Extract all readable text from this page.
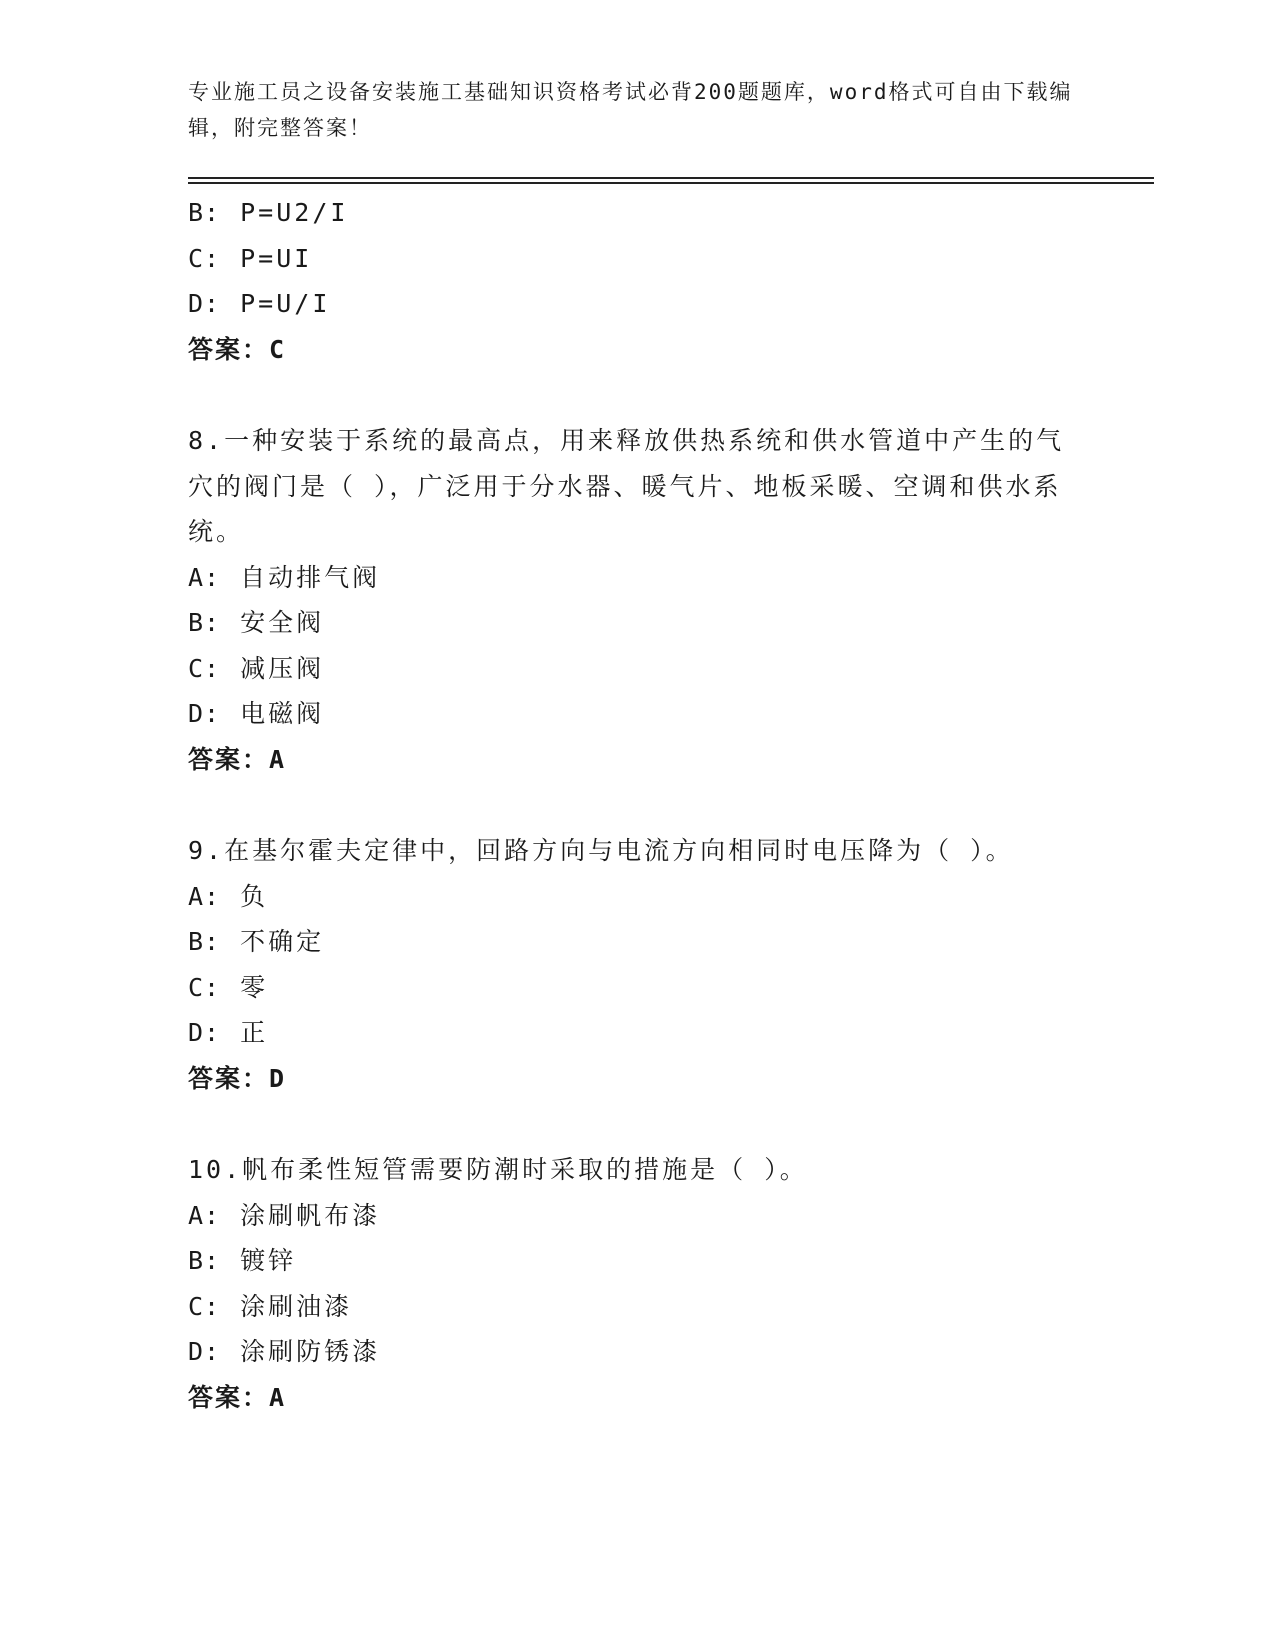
专业施工员之设备安装施工基础知识资格考试必背200题题库，word格式可自由下载编辑，附完整答案！
B: P=U2/I
C: P=UI
D: P=U/I
答案：C
8.一种安装于系统的最高点，用来释放供热系统和供水管道中产生的气穴的阀门是（ ），广泛用于分水器、暖气片、地板采暖、空调和供水系统。
A: 自动排气阀
B: 安全阀
C: 减压阀
D: 电磁阀
答案：A
9.在基尔霍夫定律中，回路方向与电流方向相同时电压降为（ ）。
A: 负
B: 不确定
C: 零
D: 正
答案：D
10.帆布柔性短管需要防潮时采取的措施是（ ）。
A: 涂刷帆布漆
B: 镀锌
C: 涂刷油漆
D: 涂刷防锈漆
答案：A
